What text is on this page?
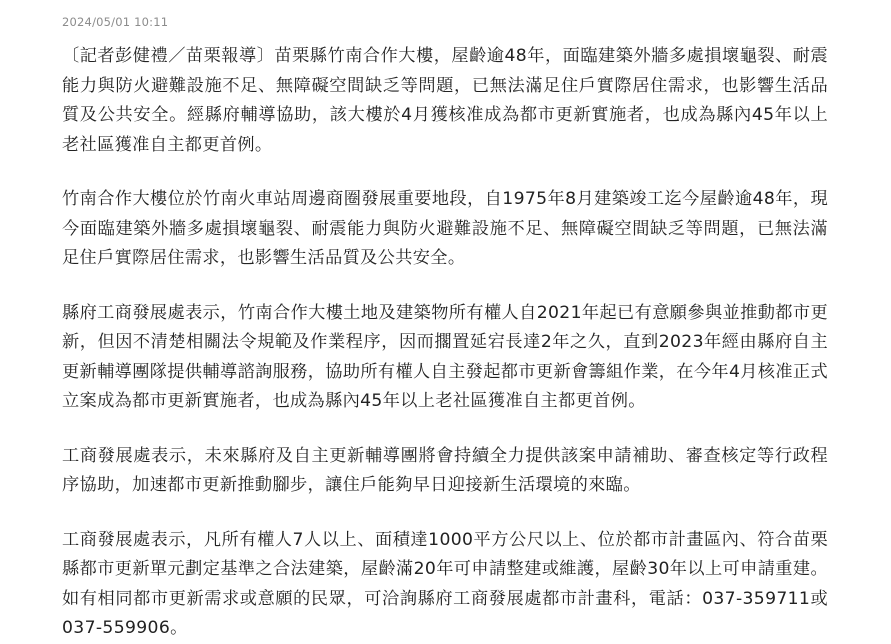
2024/05/01 10:11

〔記者彭健禮／苗栗報導〕苗栗縣竹南合作大樓，屋齡逾48年，面臨建築外牆多處損壞龜裂、耐震能力與防火避難設施不足、無障礙空間缺乏等問題，已無法滿足住戶實際居住需求，也影響生活品質及公共安全。經縣府輔導協助，該大樓於4月獲核准成為都市更新實施者，也成為縣內45年以上老社區獲准自主都更首例。

竹南合作大樓位於竹南火車站周邊商圈發展重要地段，自1975年8月建築竣工迄今屋齡逾48年，現今面臨建築外牆多處損壞龜裂、耐震能力與防火避難設施不足、無障礙空間缺乏等問題，已無法滿足住戶實際居住需求，也影響生活品質及公共安全。

縣府工商發展處表示，竹南合作大樓土地及建築物所有權人自2021年起已有意願參與並推動都市更新，但因不清楚相關法令規範及作業程序，因而擱置延宕長達2年之久，直到2023年經由縣府自主更新輔導團隊提供輔導諮詢服務，協助所有權人自主發起都市更新會籌組作業，在今年4月核准正式立案成為都市更新實施者，也成為縣內45年以上老社區獲准自主都更首例。

工商發展處表示，未來縣府及自主更新輔導團將會持續全力提供該案申請補助、審查核定等行政程序協助，加速都市更新推動腳步，讓住戶能夠早日迎接新生活環境的來臨。

工商發展處表示，凡所有權人7人以上、面積達1000平方公尺以上、位於都市計畫區內、符合苗栗縣都市更新單元劃定基準之合法建築，屋齡滿20年可申請整建或維護，屋齡30年以上可申請重建。如有相同都市更新需求或意願的民眾，可洽詢縣府工商發展處都市計畫科，電話：037-359711或037-559906。
